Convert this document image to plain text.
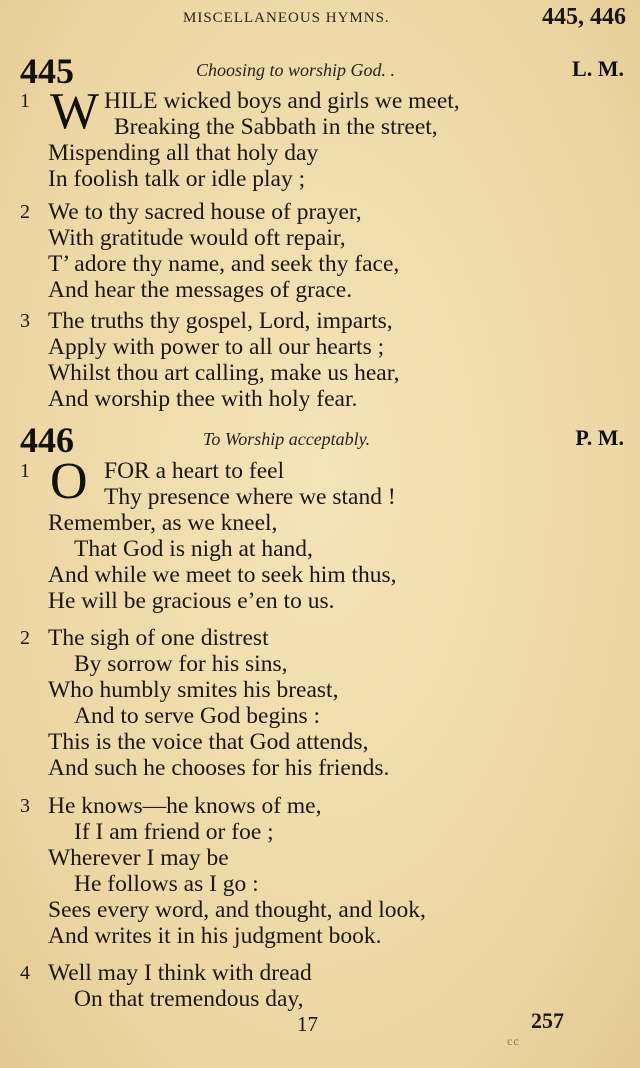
MISCELLANEOUS HYMNS.	445, 446
445	Choosing to worship God. .	L. M.
1 W HILE wicked boys and girls we meet,
Breaking the Sabbath in the street,
Mispending all that holy day
In foolish talk or idle play ;
2 We to thy sacred house of prayer,
With gratitude would oft repair,
T’ adore thy name, and seek thy face,
And hear the messages of grace.
3 The truths thy gospel, Lord, imparts,
Apply with power to all our hearts ;
Whilst thou art calling, make us hear,
And worship thee with holy fear.
446	To Worship acceptably.	P. M.
1 O FOR a heart to feel
Thy presence where we stand !
Remember, as we kneel,
That God is nigh at hand,
And while we meet to seek him thus,
He will be gracious e’en to us.
2 The sigh of one distrest
By sorrow for his sins,
Who humbly smites his breast,
And to serve God begins :
This is the voice that God attends,
And such he chooses for his friends.
3 He knows—he knows of me,
If I am friend or foe ;
Wherever I may be
He follows as I go :
Sees every word, and thought, and look,
And writes it in his judgment book.
4 Well may I think with dread
On that tremendous day,
17	257
cc
